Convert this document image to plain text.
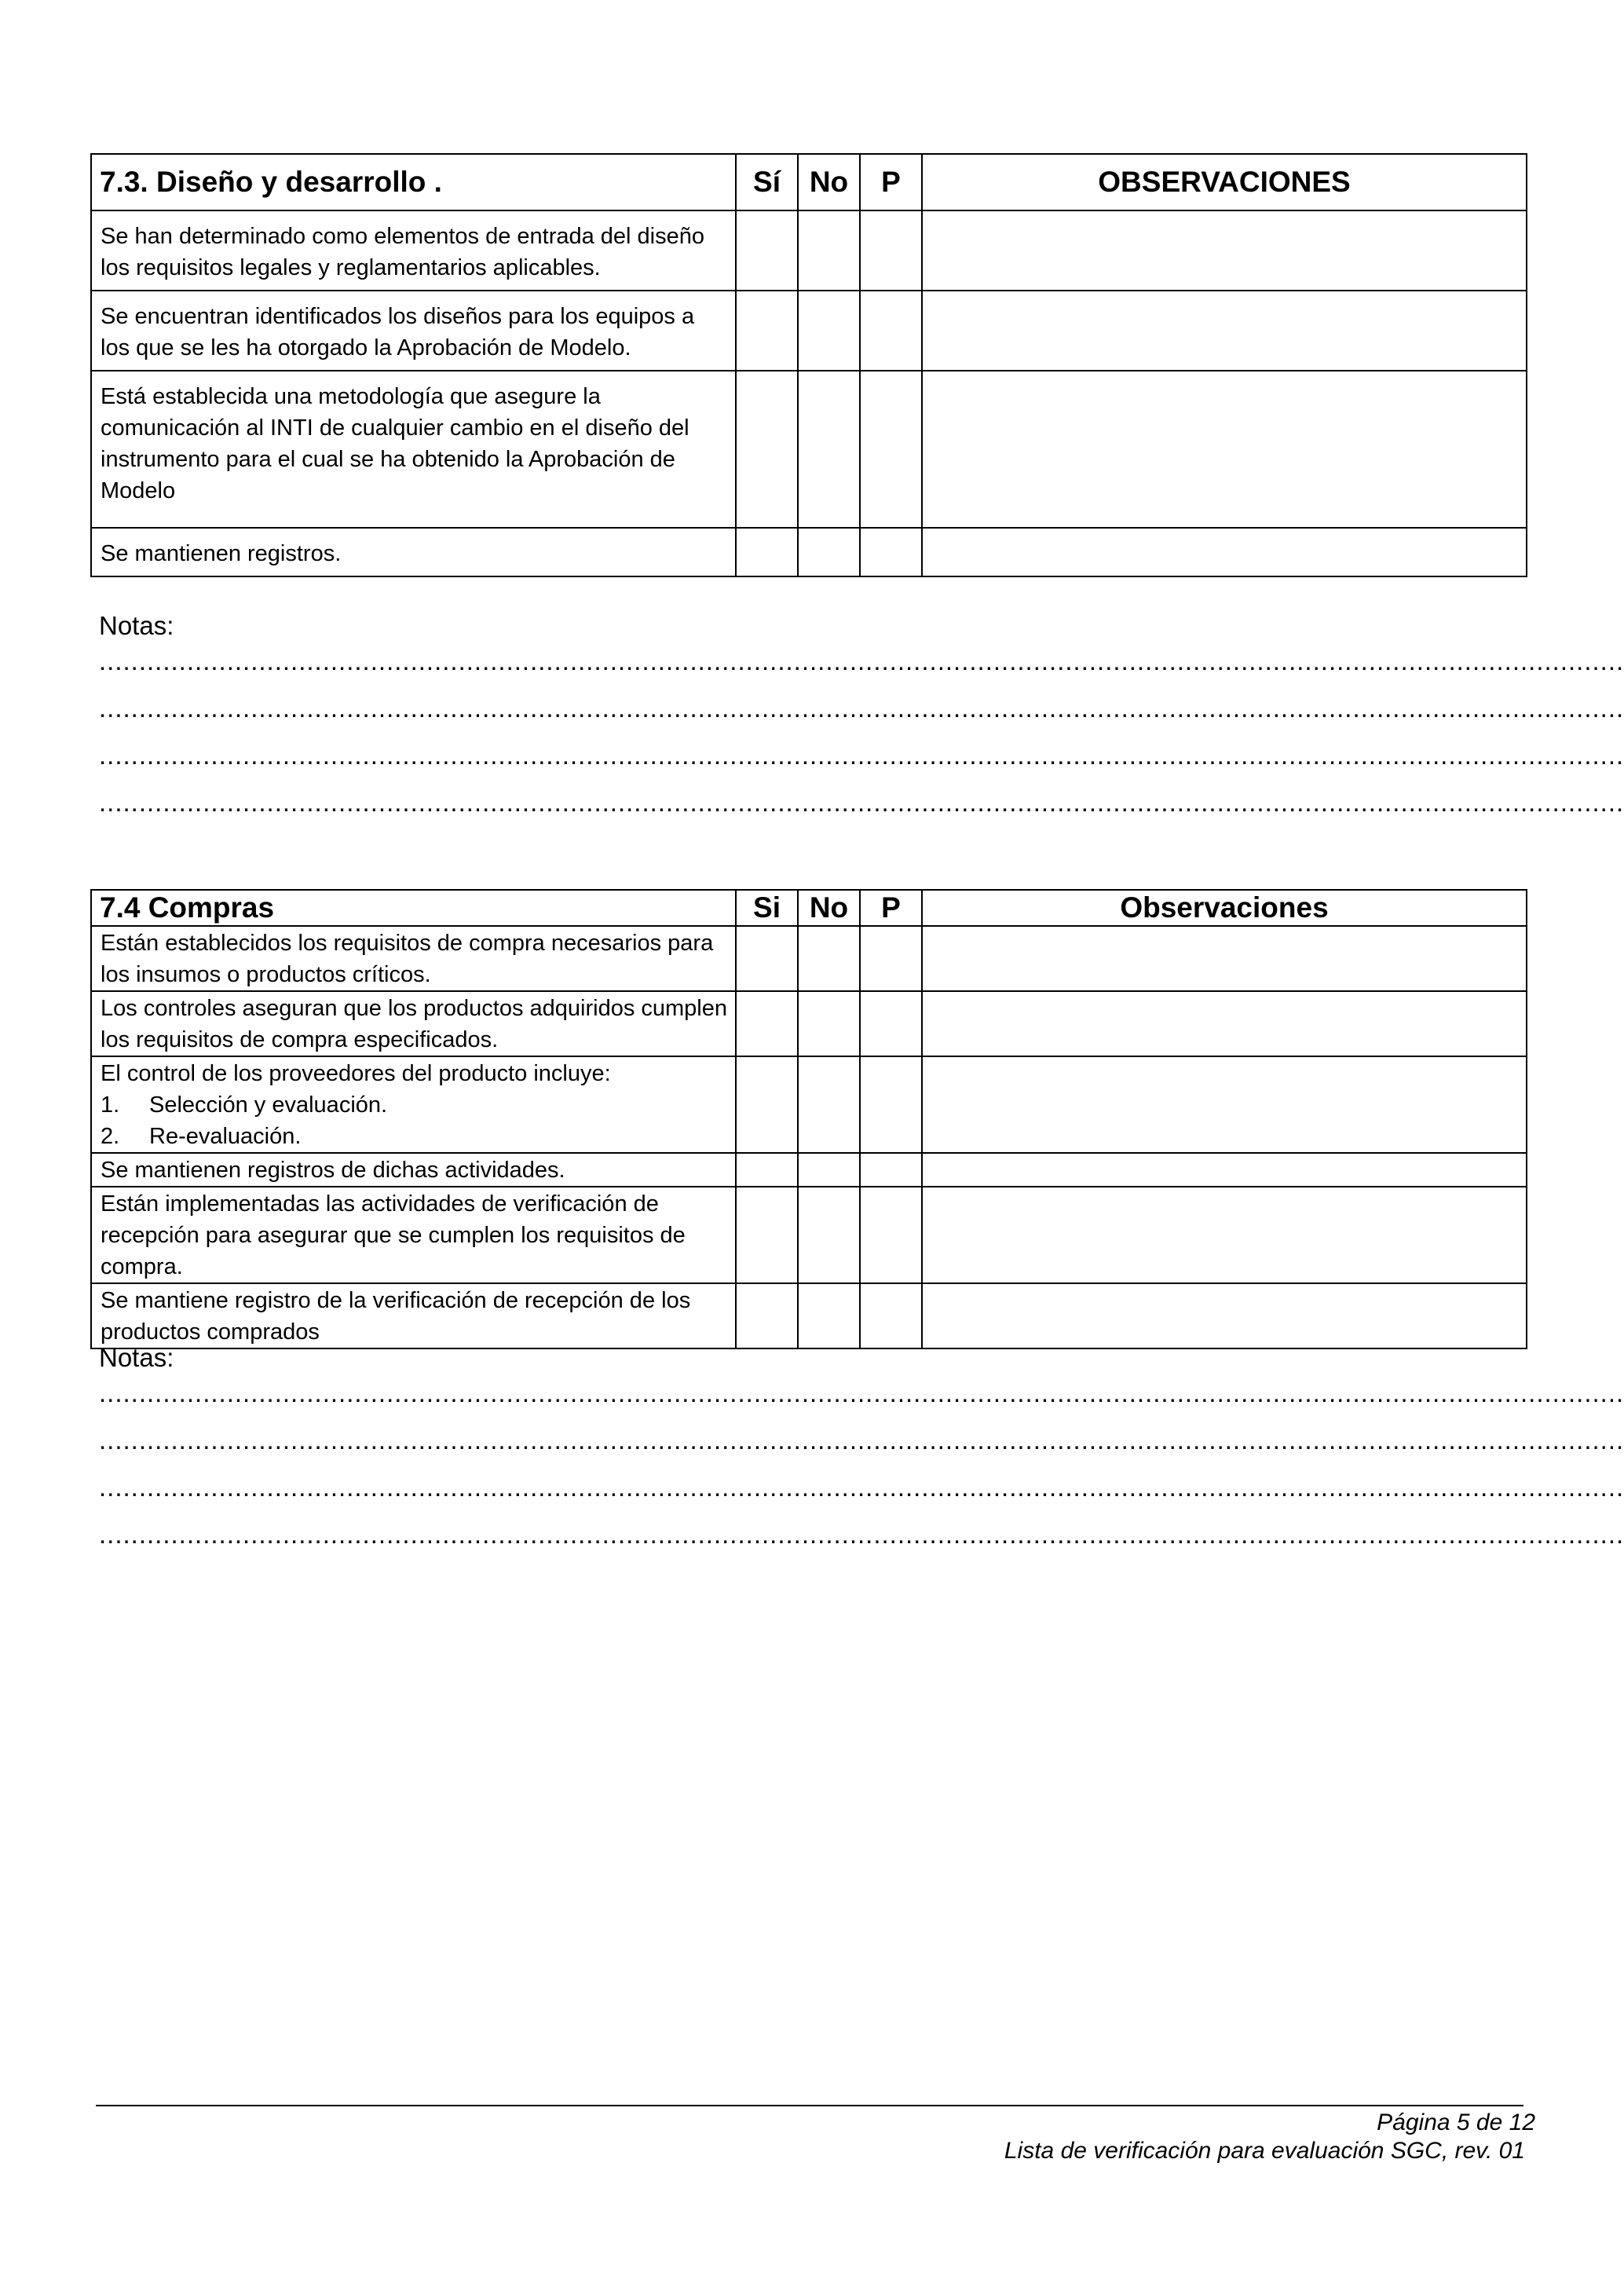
7.3. Diseño y desarrollo .	Sí	No	P	OBSERVACIONES
Se han determinado como elementos de entrada del diseño los requisitos legales y reglamentarios aplicables.				
Se encuentran identificados los diseños para los equipos a los que se les ha otorgado la Aprobación de Modelo.				
Está establecida una metodología que asegure la comunicación al INTI de cualquier cambio en el diseño del instrumento para el cual se ha obtenido la Aprobación de Modelo				
Se mantienen registros.				
Notas:
...............................................................................................................................................................................................
...............................................................................................................................................................................................
...............................................................................................................................................................................................
...............................................................................................................................................................................................
7.4 Compras	Si	No	P	Observaciones
Están establecidos los requisitos de compra necesarios para los insumos o productos críticos.				
Los controles aseguran que los productos adquiridos cumplen los requisitos de compra especificados.				

El control de los proveedores del producto incluye:
1. Selección y evaluación.
2. Re-evaluación.				

Se mantienen registros de dichas actividades.				
Están implementadas las actividades de verificación de recepción para asegurar que se cumplen los requisitos de compra.				
Se mantiene registro de la verificación de recepción de los productos comprados				
Notas:
...............................................................................................................................................................................................
...............................................................................................................................................................................................
...............................................................................................................................................................................................
...............................................................................................................................................................................................
Página 5 de 12
Lista de verificación para evaluación SGC, rev. 01
